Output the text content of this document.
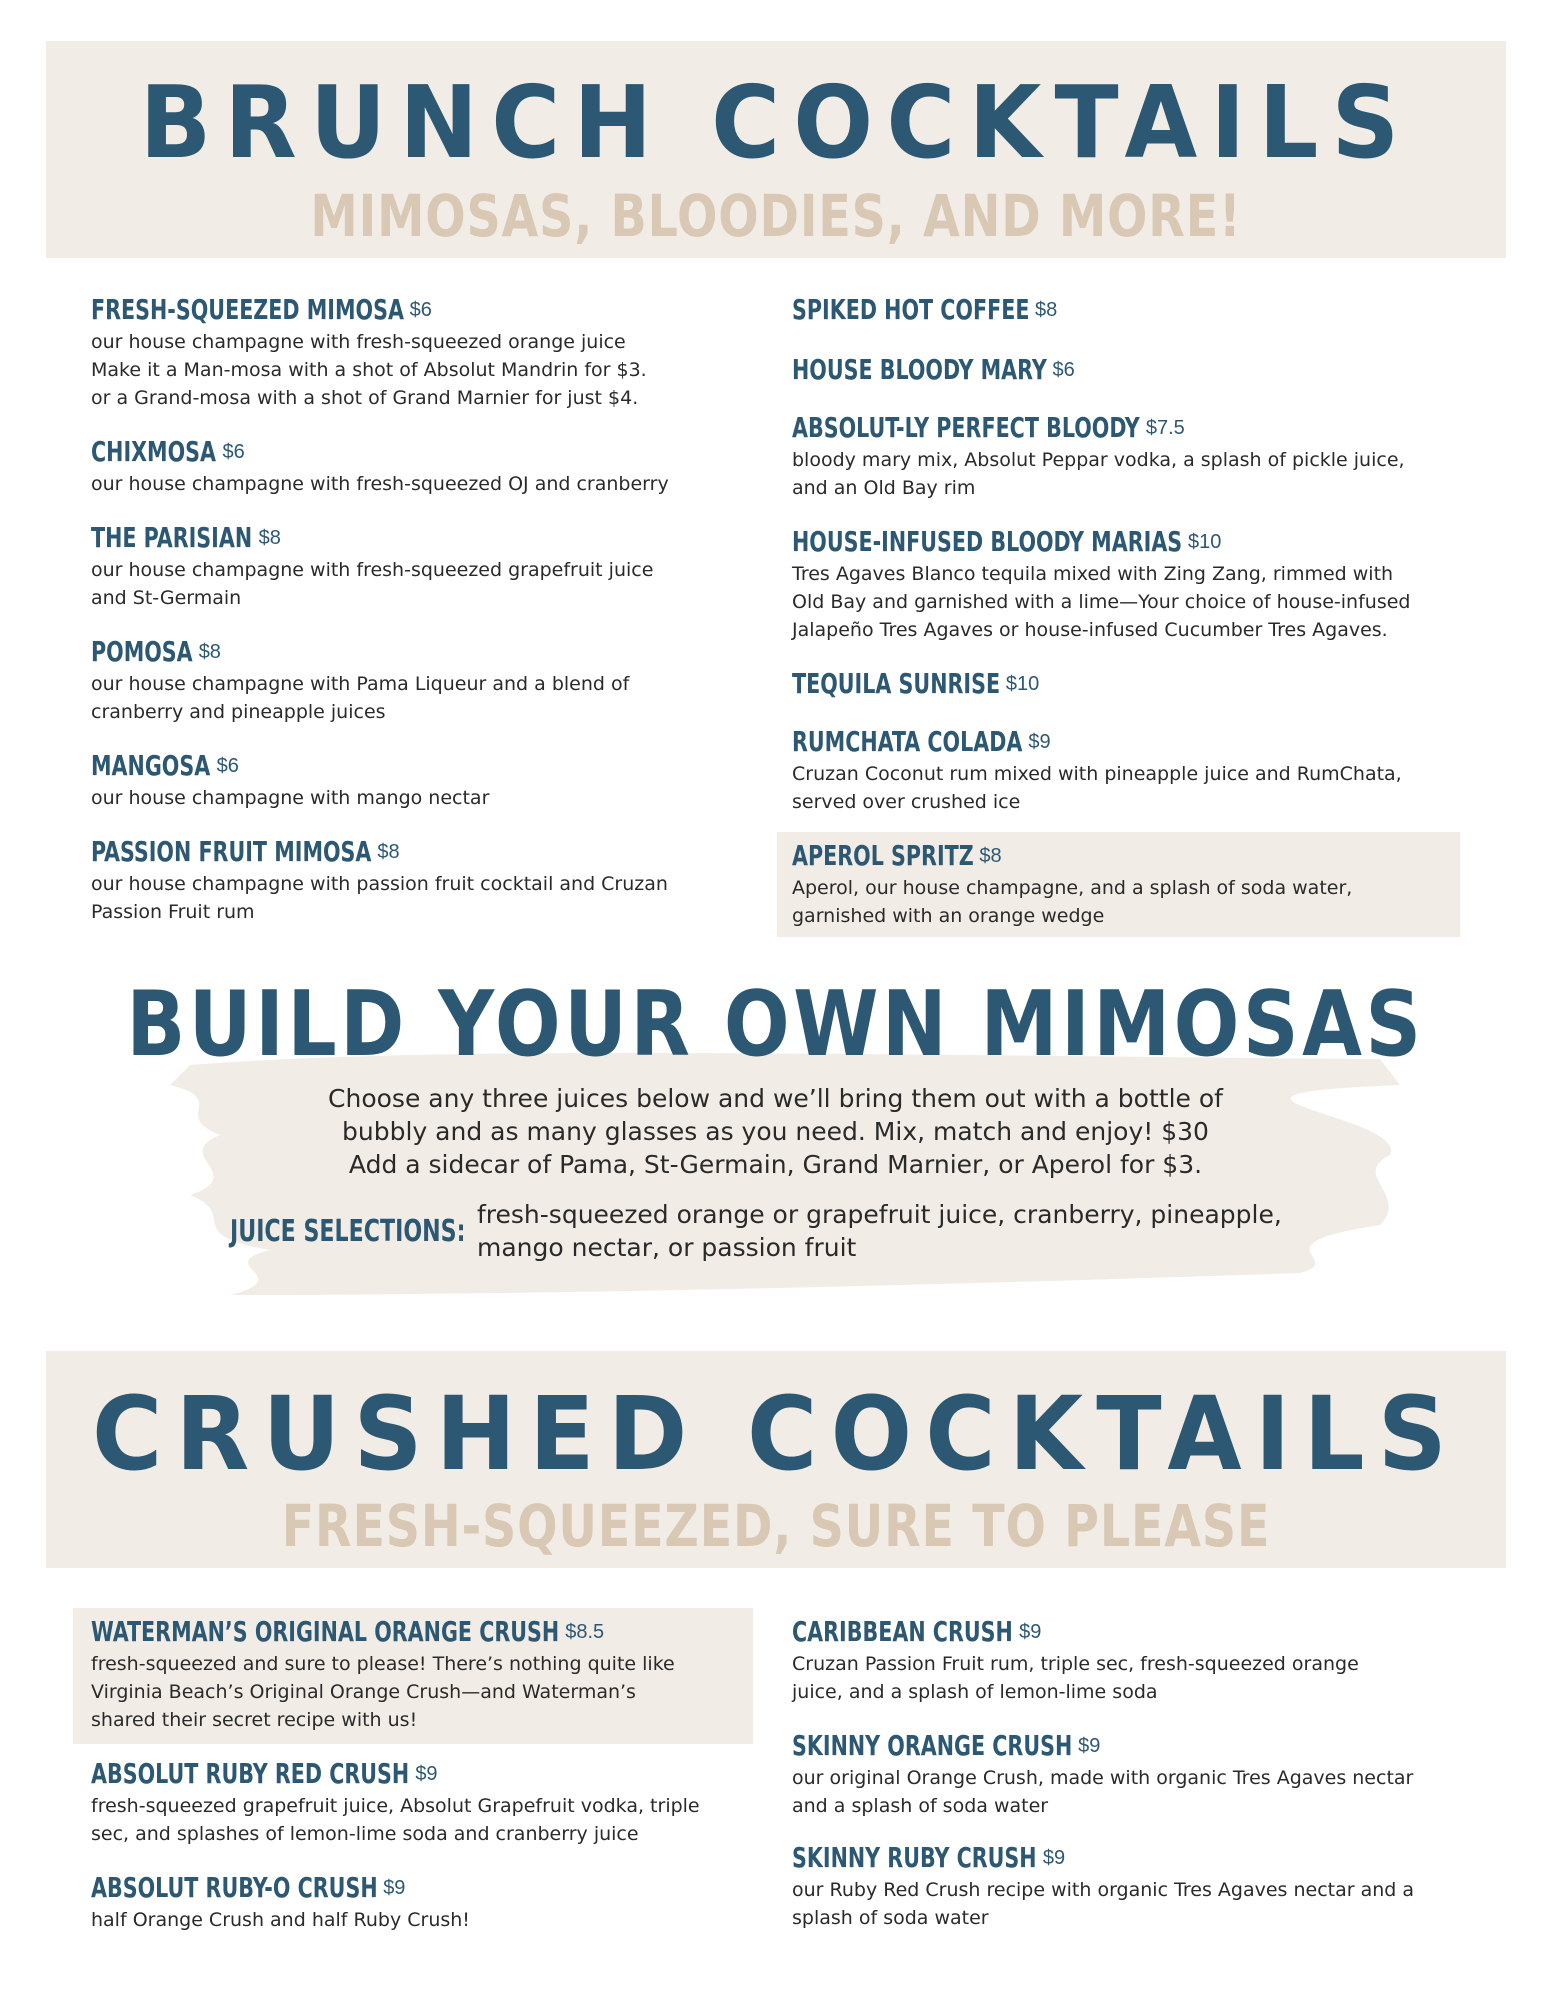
BRUNCH COCKTAILS
MIMOSAS, BLOODIES, AND MORE!
FRESH-SQUEEZED MIMOSA $6
our house champagne with fresh-squeezed orange juice
Make it a Man-mosa with a shot of Absolut Mandrin for $3.
or a Grand-mosa with a shot of Grand Marnier for just $4.
CHIXMOSA $6
our house champagne with fresh-squeezed OJ and cranberry
THE PARISIAN $8
our house champagne with fresh-squeezed grapefruit juice
and St-Germain
POMOSA $8
our house champagne with Pama Liqueur and a blend of
cranberry and pineapple juices
MANGOSA $6
our house champagne with mango nectar
PASSION FRUIT MIMOSA $8
our house champagne with passion fruit cocktail and Cruzan
Passion Fruit rum
SPIKED HOT COFFEE $8
HOUSE BLOODY MARY $6
ABSOLUT-LY PERFECT BLOODY $7.5
bloody mary mix, Absolut Peppar vodka, a splash of pickle juice,
and an Old Bay rim
HOUSE-INFUSED BLOODY MARIAS $10
Tres Agaves Blanco tequila mixed with Zing Zang, rimmed with
Old Bay and garnished with a lime—Your choice of house-infused
Jalapeño Tres Agaves or house-infused Cucumber Tres Agaves.
TEQUILA SUNRISE $10
RUMCHATA COLADA $9
Cruzan Coconut rum mixed with pineapple juice and RumChata,
served over crushed ice
APEROL SPRITZ $8
Aperol, our house champagne, and a splash of soda water,
garnished with an orange wedge
BUILD YOUR OWN MIMOSAS
Choose any three juices below and we’ll bring them out with a bottle of
bubbly and as many glasses as you need. Mix, match and enjoy! $30
Add a sidecar of Pama, St-Germain, Grand Marnier, or Aperol for $3.
JUICE SELECTIONS: fresh-squeezed orange or grapefruit juice, cranberry, pineapple,
mango nectar, or passion fruit
CRUSHED COCKTAILS
FRESH-SQUEEZED, SURE TO PLEASE
WATERMAN’S ORIGINAL ORANGE CRUSH $8.5
fresh-squeezed and sure to please! There’s nothing quite like
Virginia Beach’s Original Orange Crush—and Waterman’s
shared their secret recipe with us!
ABSOLUT RUBY RED CRUSH $9
fresh-squeezed grapefruit juice, Absolut Grapefruit vodka, triple
sec, and splashes of lemon-lime soda and cranberry juice
ABSOLUT RUBY-O CRUSH $9
half Orange Crush and half Ruby Crush!
CARIBBEAN CRUSH $9
Cruzan Passion Fruit rum, triple sec, fresh-squeezed orange
juice, and a splash of lemon-lime soda
SKINNY ORANGE CRUSH $9
our original Orange Crush, made with organic Tres Agaves nectar
and a splash of soda water
SKINNY RUBY CRUSH $9
our Ruby Red Crush recipe with organic Tres Agaves nectar and a
splash of soda water
